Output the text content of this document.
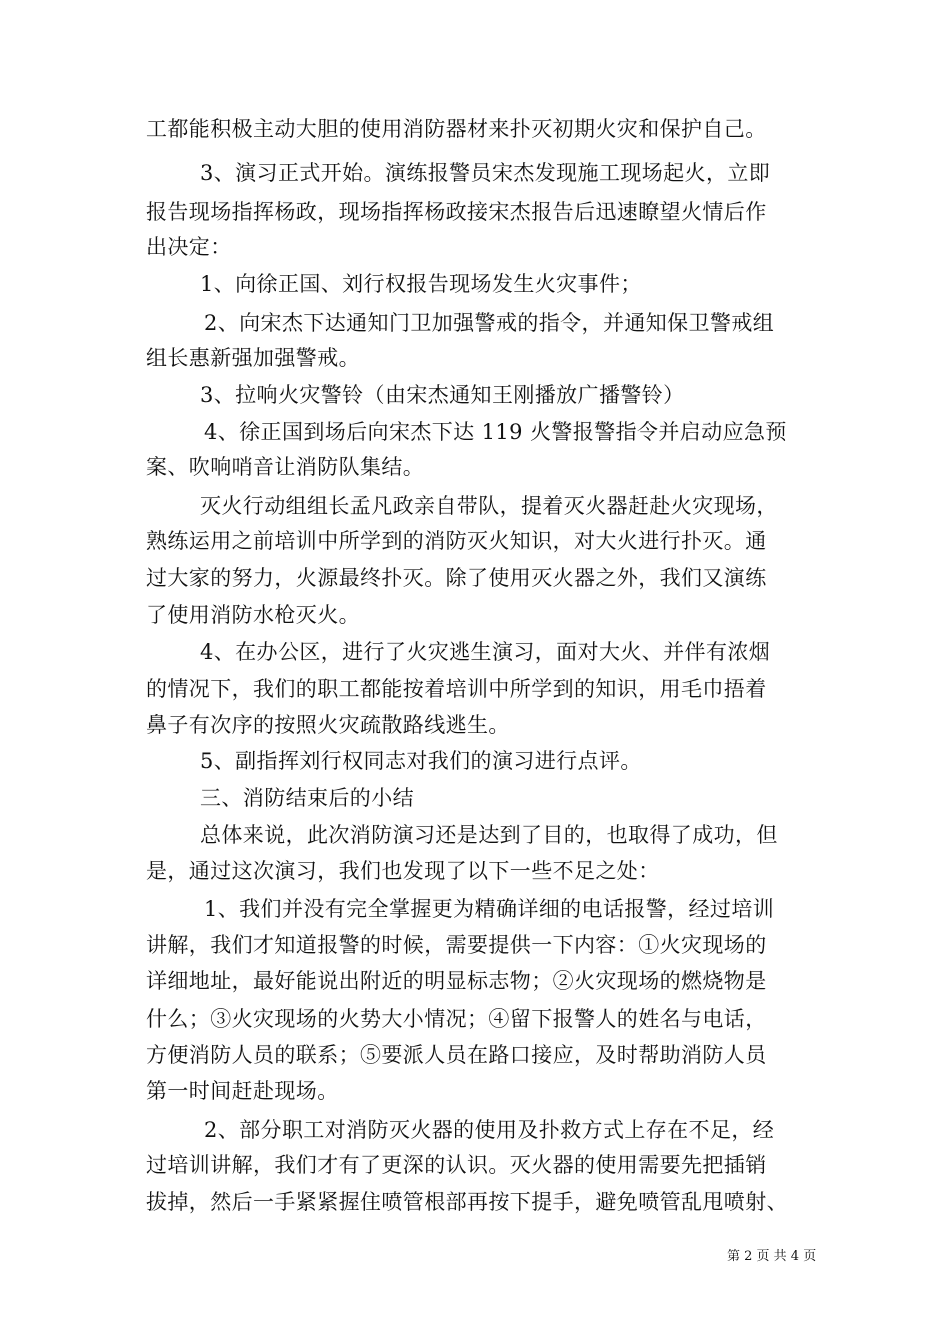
工都能积极主动大胆的使用消防器材来扑灭初期火灾和保护自己。
3、演习正式开始。演练报警员宋杰发现施工现场起火，立即
报告现场指挥杨政，现场指挥杨政接宋杰报告后迅速瞭望火情后作
出决定：
1、向徐正国、刘行权报告现场发生火灾事件；
2、向宋杰下达通知门卫加强警戒的指令，并通知保卫警戒组
组长惠新强加强警戒。
3、拉响火灾警铃（由宋杰通知王刚播放广播警铃）
4、徐正国到场后向宋杰下达 119 火警报警指令并启动应急预
案、吹响哨音让消防队集结。
灭火行动组组长孟凡政亲自带队，提着灭火器赶赴火灾现场，
熟练运用之前培训中所学到的消防灭火知识，对大火进行扑灭。通
过大家的努力，火源最终扑灭。除了使用灭火器之外，我们又演练
了使用消防水枪灭火。
4、在办公区，进行了火灾逃生演习，面对大火、并伴有浓烟
的情况下，我们的职工都能按着培训中所学到的知识，用毛巾捂着
鼻子有次序的按照火灾疏散路线逃生。
5、副指挥刘行权同志对我们的演习进行点评。
三、消防结束后的小结
总体来说，此次消防演习还是达到了目的，也取得了成功，但
是，通过这次演习，我们也发现了以下一些不足之处：
1、我们并没有完全掌握更为精确详细的电话报警，经过培训
讲解，我们才知道报警的时候，需要提供一下内容：①火灾现场的
详细地址，最好能说出附近的明显标志物；②火灾现场的燃烧物是
什么；③火灾现场的火势大小情况；④留下报警人的姓名与电话，
方便消防人员的联系；⑤要派人员在路口接应，及时帮助消防人员
第一时间赶赴现场。
2、部分职工对消防灭火器的使用及扑救方式上存在不足，经
过培训讲解，我们才有了更深的认识。灭火器的使用需要先把插销
拔掉，然后一手紧紧握住喷管根部再按下提手，避免喷管乱甩喷射、
第 2 页 共 4 页
